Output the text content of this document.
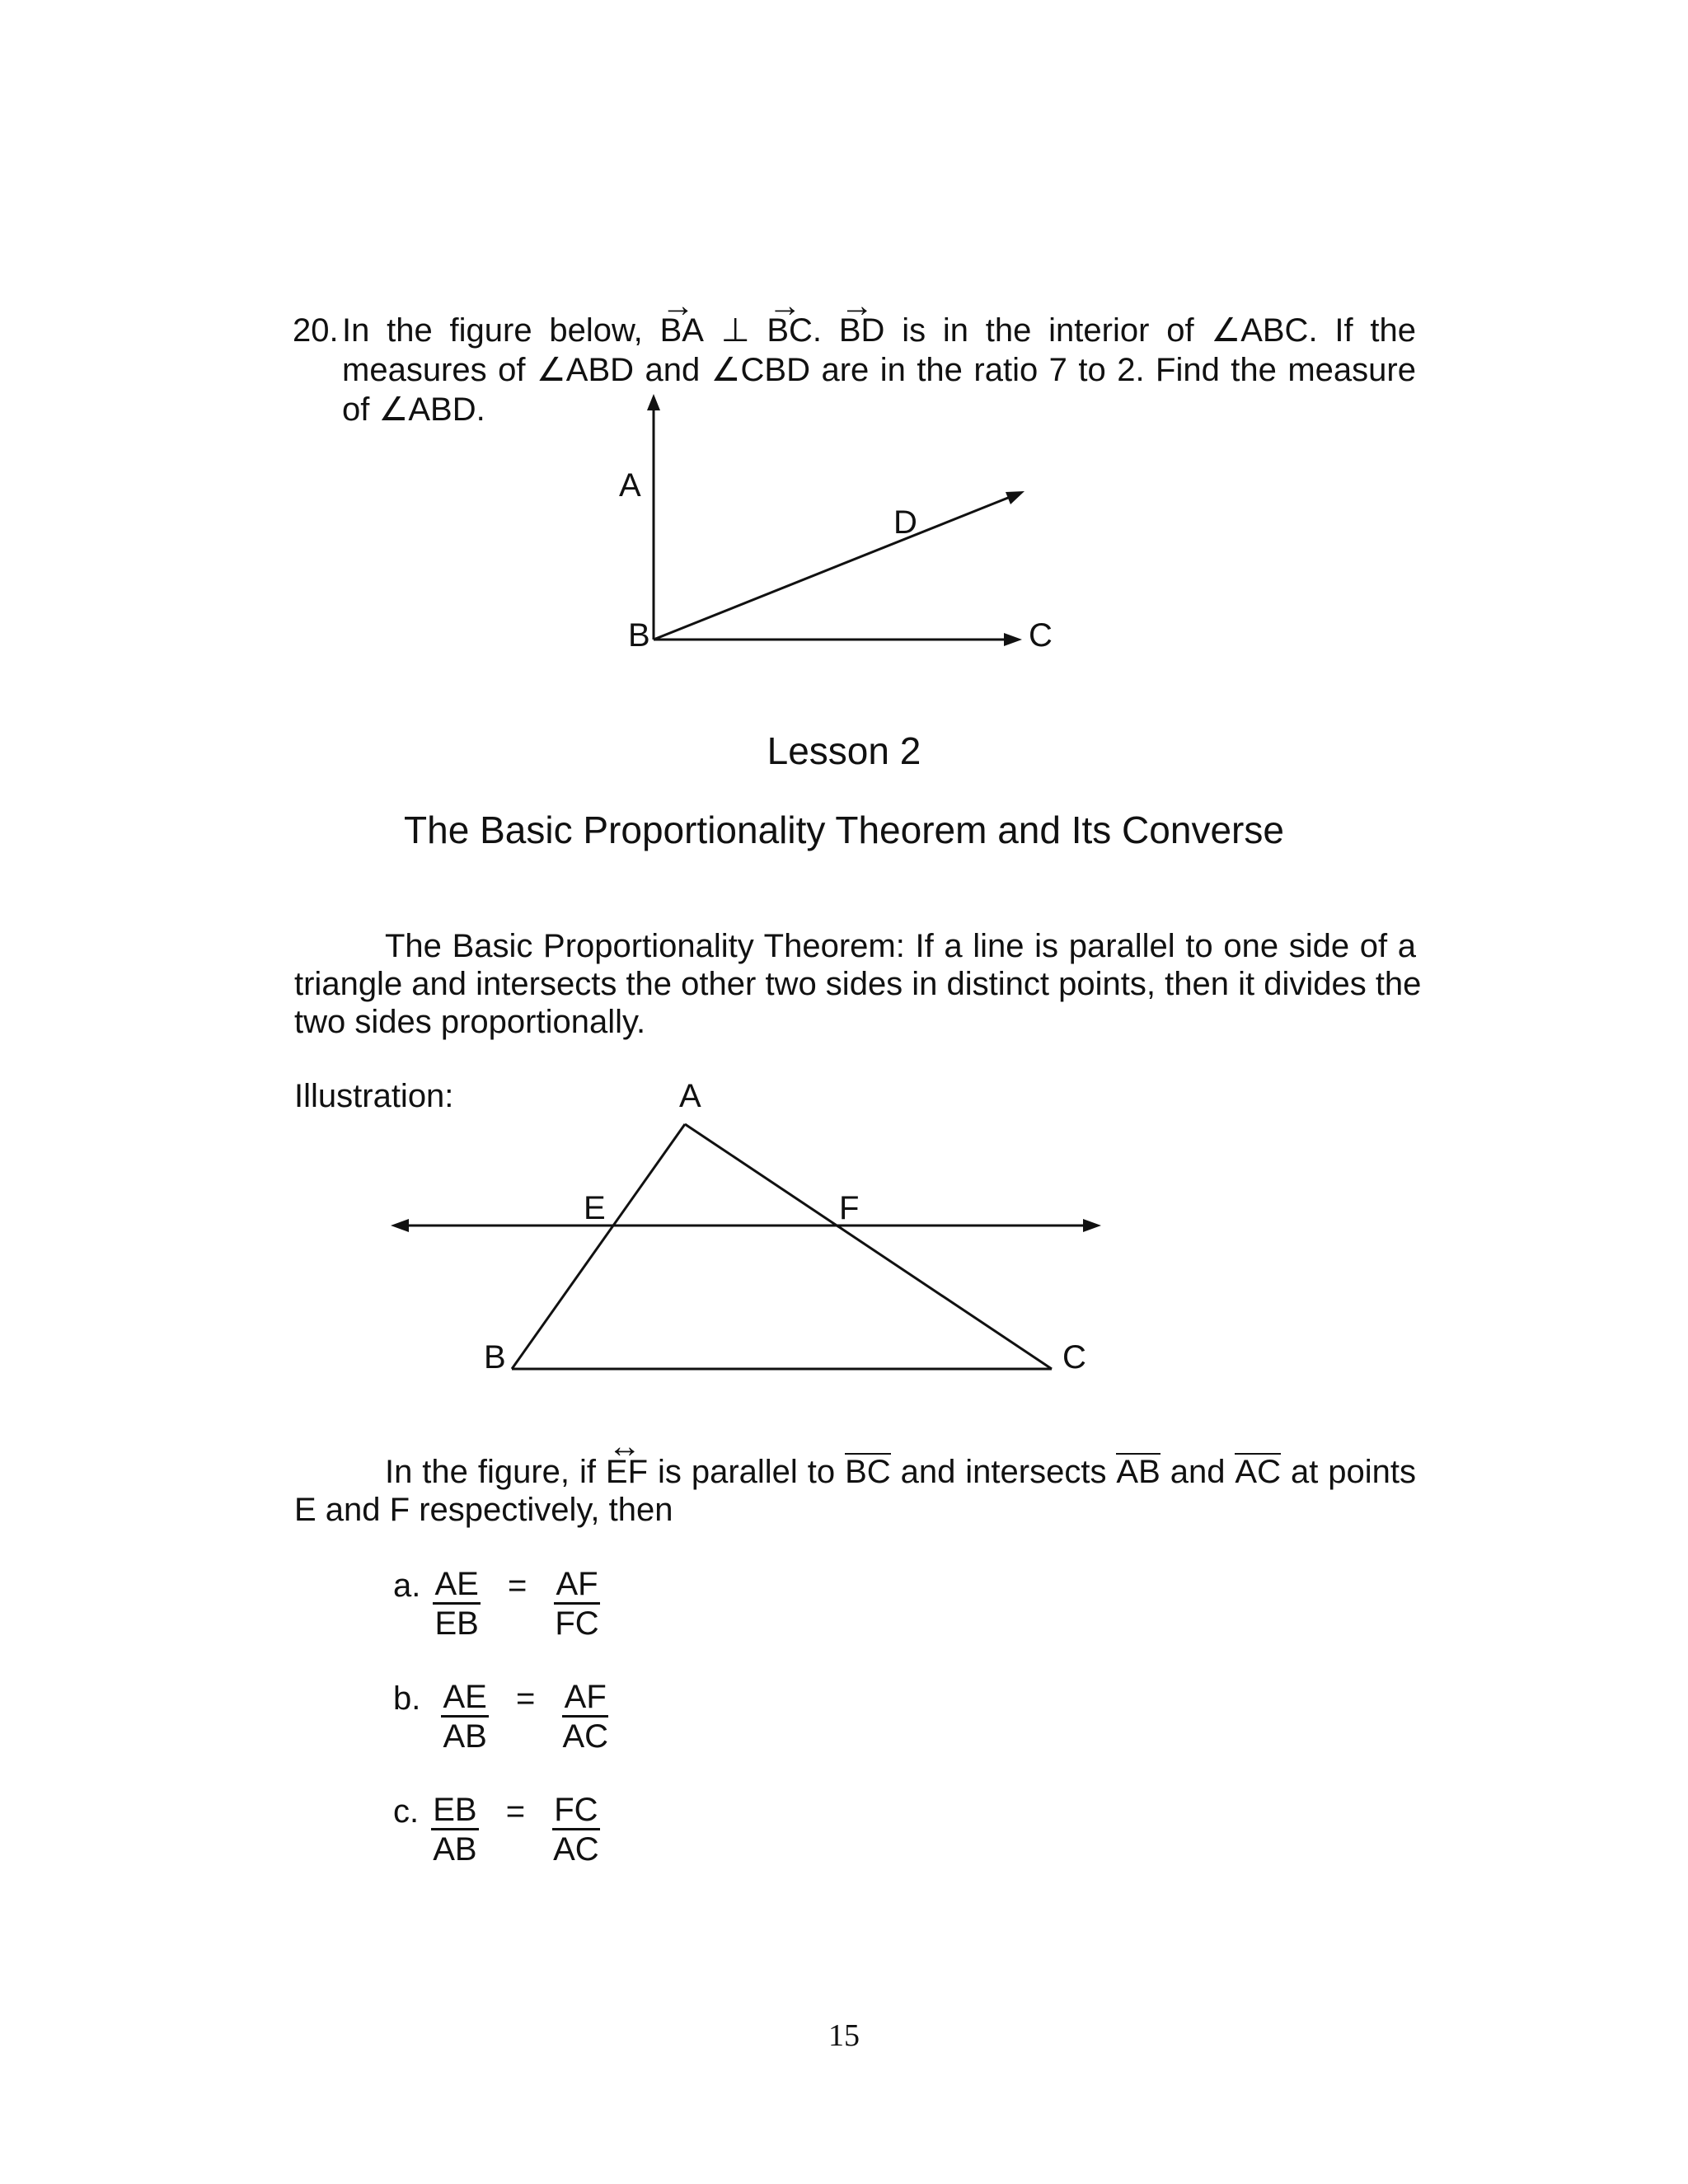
20. In the figure below, → BA ⊥ → BC. → BD is in the interior of ∠ABC. If the
measures of ∠ABD and ∠CBD are in the ratio 7 to 2. Find the measure
of ∠ABD.
A
D
B	C
Lesson 2
The Basic Proportionality Theorem and Its Converse
The Basic Proportionality Theorem: If a line is parallel to one side of a
triangle and intersects the other two sides in distinct points, then it divides the
two sides proportionally.
Illustration:	A
E	F
B	C
In the figure, if ↔ EF is parallel to BC and intersects AB and AC at points
E and F respectively, then
a. $\frac{AE}{EB} = \frac{AF}{FC}$
b. $\frac{AE}{AB} = \frac{AF}{AC}$
c. $\frac{EB}{AB} = \frac{FC}{AC}$
15
